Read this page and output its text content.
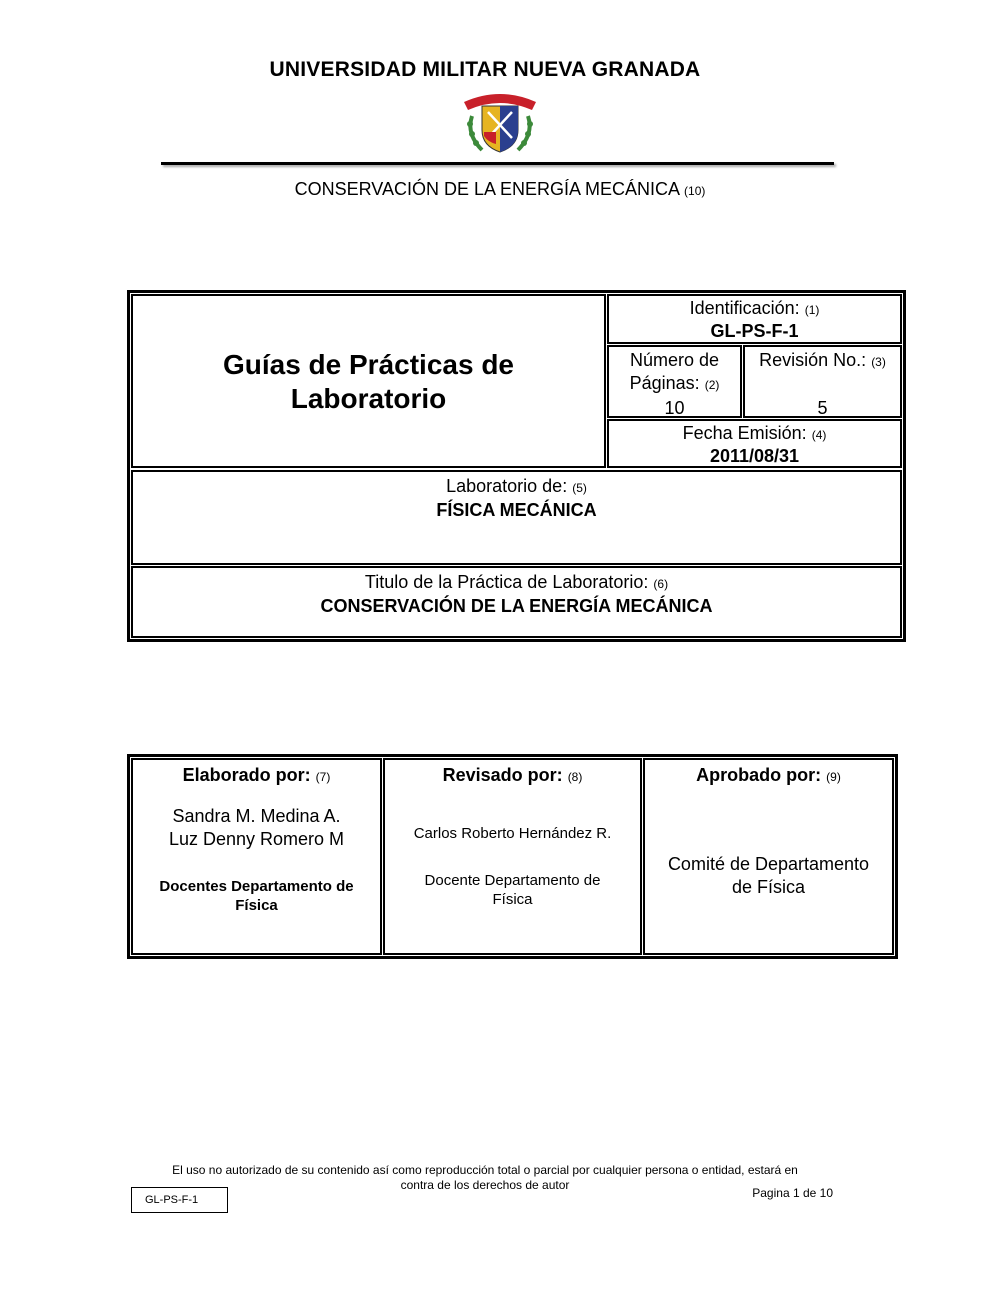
UNIVERSIDAD MILITAR NUEVA GRANADA
CONSERVACIÓN DE LA ENERGÍA MECÁNICA (10)
Guías de Prácticas de
Laboratorio
Identificación: (1)
GL-PS-F-1
Número de
Páginas: (2)
10
Revisión No.: (3)
5
Fecha Emisión: (4)
2011/08/31
Laboratorio de: (5)
FÍSICA MECÁNICA
Titulo de la Práctica de Laboratorio: (6)
CONSERVACIÓN DE LA ENERGÍA MECÁNICA
Elaborado por: (7)
Sandra M. Medina A.
Luz Denny Romero M
Docentes Departamento de
Física
Revisado por: (8)
Carlos Roberto Hernández R.
Docente Departamento de
Física
Aprobado por: (9)
Comité de Departamento
de Física
El uso no autorizado de su contenido así como reproducción total o parcial por cualquier persona o entidad, estará en
contra de los derechos de autor
GL-PS-F-1	Pagina 1 de 10
